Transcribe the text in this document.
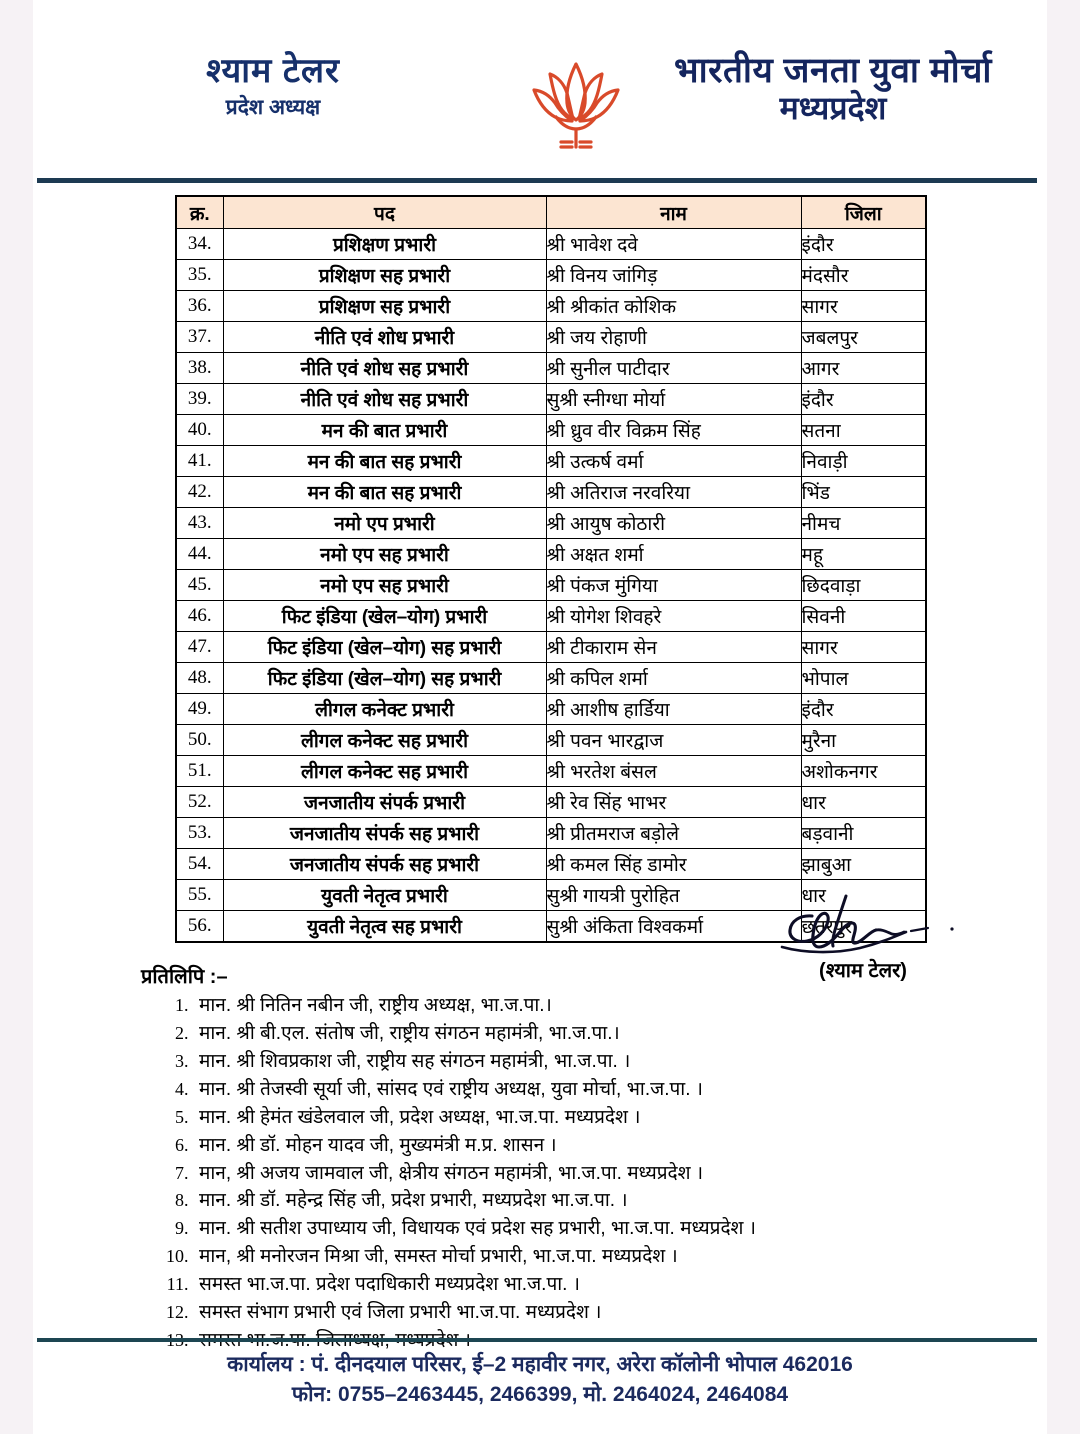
श्याम टेलर
प्रदेश अध्यक्ष
भारतीय जनता युवा मोर्चा
मध्यप्रदेश
क्र.	पद	नाम	जिला
34.	प्रशिक्षण प्रभारी	श्री भावेश दवे	इंदौर
35.	प्रशिक्षण सह प्रभारी	श्री विनय जांगिड़	मंदसौर
36.	प्रशिक्षण सह प्रभारी	श्री श्रीकांत कोशिक	सागर
37.	नीति एवं शोध प्रभारी	श्री जय रोहाणी	जबलपुर
38.	नीति एवं शोध सह प्रभारी	श्री सुनील पाटीदार	आगर
39.	नीति एवं शोध सह प्रभारी	सुश्री स्नीग्धा मोर्या	इंदौर
40.	मन की बात प्रभारी	श्री ध्रुव वीर विक्रम सिंह	सतना
41.	मन की बात सह प्रभारी	श्री उत्कर्ष वर्मा	निवाड़ी
42.	मन की बात सह प्रभारी	श्री अतिराज नरवरिया	भिंड
43.	नमो एप प्रभारी	श्री आयुष कोठारी	नीमच
44.	नमो एप सह प्रभारी	श्री अक्षत शर्मा	महू
45.	नमो एप सह प्रभारी	श्री पंकज मुंगिया	छिदवाड़ा
46.	फिट इंडिया (खेल–योग) प्रभारी	श्री योगेश शिवहरे	सिवनी
47.	फिट इंडिया (खेल–योग) सह प्रभारी	श्री टीकाराम सेन	सागर
48.	फिट इंडिया (खेल–योग) सह प्रभारी	श्री कपिल शर्मा	भोपाल
49.	लीगल कनेक्ट प्रभारी	श्री आशीष हार्डिया	इंदौर
50.	लीगल कनेक्ट सह प्रभारी	श्री पवन भारद्वाज	मुरैना
51.	लीगल कनेक्ट सह प्रभारी	श्री भरतेश बंसल	अशोकनगर
52.	जनजातीय संपर्क प्रभारी	श्री रेव सिंह भाभर	धार
53.	जनजातीय संपर्क सह प्रभारी	श्री प्रीतमराज बड़ोले	बड़वानी
54.	जनजातीय संपर्क सह प्रभारी	श्री कमल सिंह डामोर	झाबुआ
55.	युवती नेतृत्व प्रभारी	सुश्री गायत्री पुरोहित	धार
56.	युवती नेतृत्व सह प्रभारी	सुश्री अंकिता विश्वकर्मा	छतरपुर
(श्याम टेलर)
प्रतिलिपि :–
1. मान. श्री नितिन नबीन जी, राष्ट्रीय अध्यक्ष, भा.ज.पा.।
2. मान. श्री बी.एल. संतोष जी, राष्ट्रीय संगठन महामंत्री, भा.ज.पा.।
3. मान. श्री शिवप्रकाश जी, राष्ट्रीय सह संगठन महामंत्री, भा.ज.पा. ।
4. मान. श्री तेजस्वी सूर्या जी, सांसद एवं राष्ट्रीय अध्यक्ष, युवा मोर्चा, भा.ज.पा. ।
5. मान. श्री हेमंत खंडेलवाल जी, प्रदेश अध्यक्ष, भा.ज.पा. मध्यप्रदेश ।
6. मान. श्री डॉ. मोहन यादव जी, मुख्यमंत्री म.प्र. शासन ।
7. मान, श्री अजय जामवाल जी, क्षेत्रीय संगठन महामंत्री, भा.ज.पा. मध्यप्रदेश ।
8. मान. श्री डॉ. महेन्द्र सिंह जी, प्रदेश प्रभारी, मध्यप्रदेश भा.ज.पा. ।
9. मान. श्री सतीश उपाध्याय जी, विधायक एवं प्रदेश सह प्रभारी, भा.ज.पा. मध्यप्रदेश ।
10. मान, श्री मनोरजन मिश्रा जी, समस्त मोर्चा प्रभारी, भा.ज.पा. मध्यप्रदेश ।
11. समस्त भा.ज.पा. प्रदेश पदाधिकारी मध्यप्रदेश भा.ज.पा. ।
12. समस्त संभाग प्रभारी एवं जिला प्रभारी भा.ज.पा. मध्यप्रदेश ।
13.
कार्यालय : पं. दीनदयाल परिसर, ई–2 महावीर नगर, अरेरा कॉलोनी भोपाल 462016
फोन: 0755–2463445, 2466399, मो. 2464024, 2464084
